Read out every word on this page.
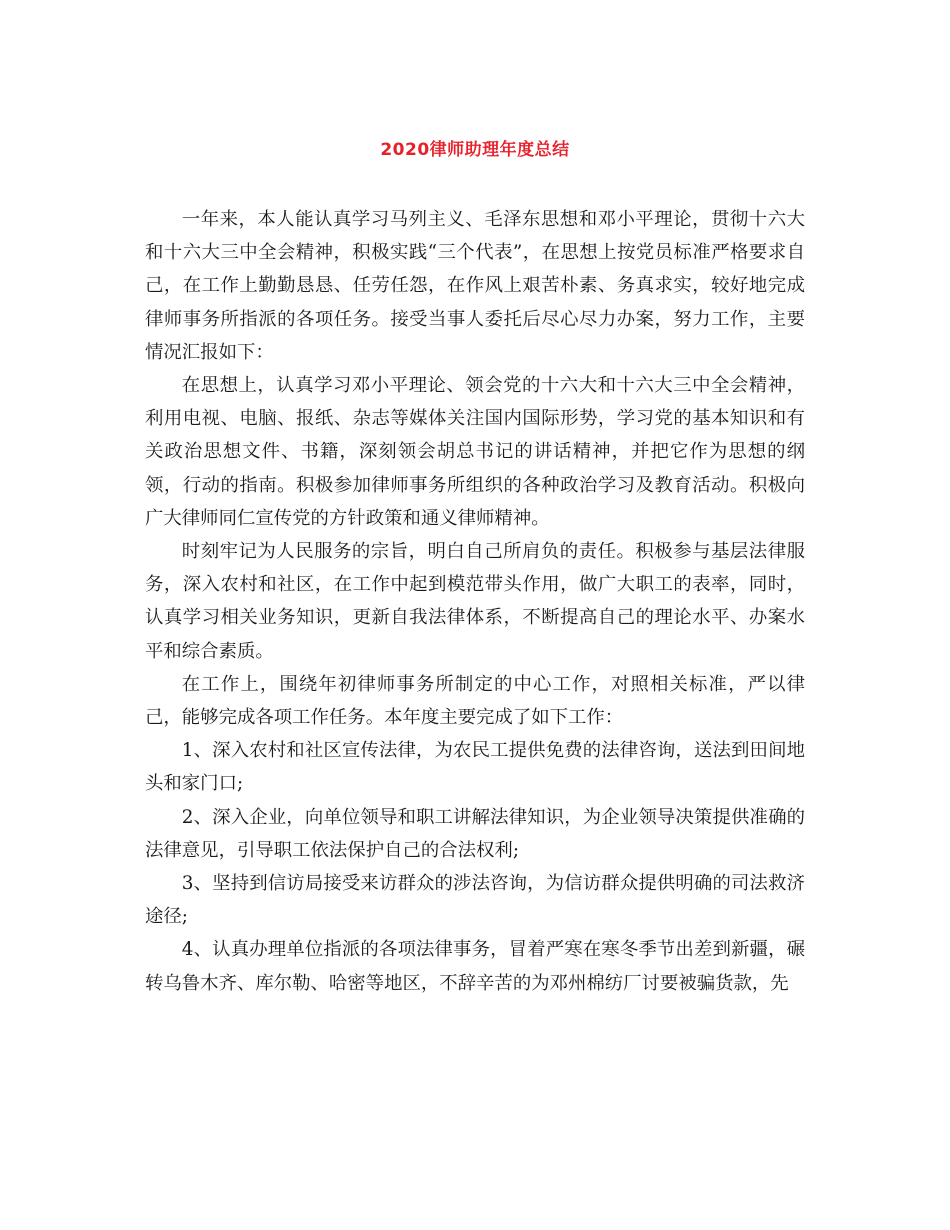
2020律师助理年度总结

一年来，本人能认真学习马列主义、毛泽东思想和邓小平理论，贯彻十六大和十六大三中全会精神，积极实践“三个代表”，在思想上按党员标准严格要求自己，在工作上勤勤恳恳、任劳任怨，在作风上艰苦朴素、务真求实，较好地完成律师事务所指派的各项任务。接受当事人委托后尽心尽力办案，努力工作，主要情况汇报如下：

在思想上，认真学习邓小平理论、领会党的十六大和十六大三中全会精神，利用电视、电脑、报纸、杂志等媒体关注国内国际形势，学习党的基本知识和有关政治思想文件、书籍，深刻领会胡总书记的讲话精神，并把它作为思想的纲领，行动的指南。积极参加律师事务所组织的各种政治学习及教育活动。积极向广大律师同仁宣传党的方针政策和通义律师精神。

时刻牢记为人民服务的宗旨，明白自己所肩负的责任。积极参与基层法律服务，深入农村和社区，在工作中起到模范带头作用，做广大职工的表率，同时，认真学习相关业务知识，更新自我法律体系，不断提高自己的理论水平、办案水平和综合素质。

在工作上，围绕年初律师事务所制定的中心工作，对照相关标准，严以律己，能够完成各项工作任务。本年度主要完成了如下工作：

1、深入农村和社区宣传法律，为农民工提供免费的法律咨询，送法到田间地头和家门口;

2、深入企业，向单位领导和职工讲解法律知识，为企业领导决策提供准确的法律意见，引导职工依法保护自己的合法权利;

3、坚持到信访局接受来访群众的涉法咨询，为信访群众提供明确的司法救济途径;

4、认真办理单位指派的各项法律事务，冒着严寒在寒冬季节出差到新疆，碾转乌鲁木齐、库尔勒、哈密等地区，不辞辛苦的为邓州棉纺厂讨要被骗货款，先
